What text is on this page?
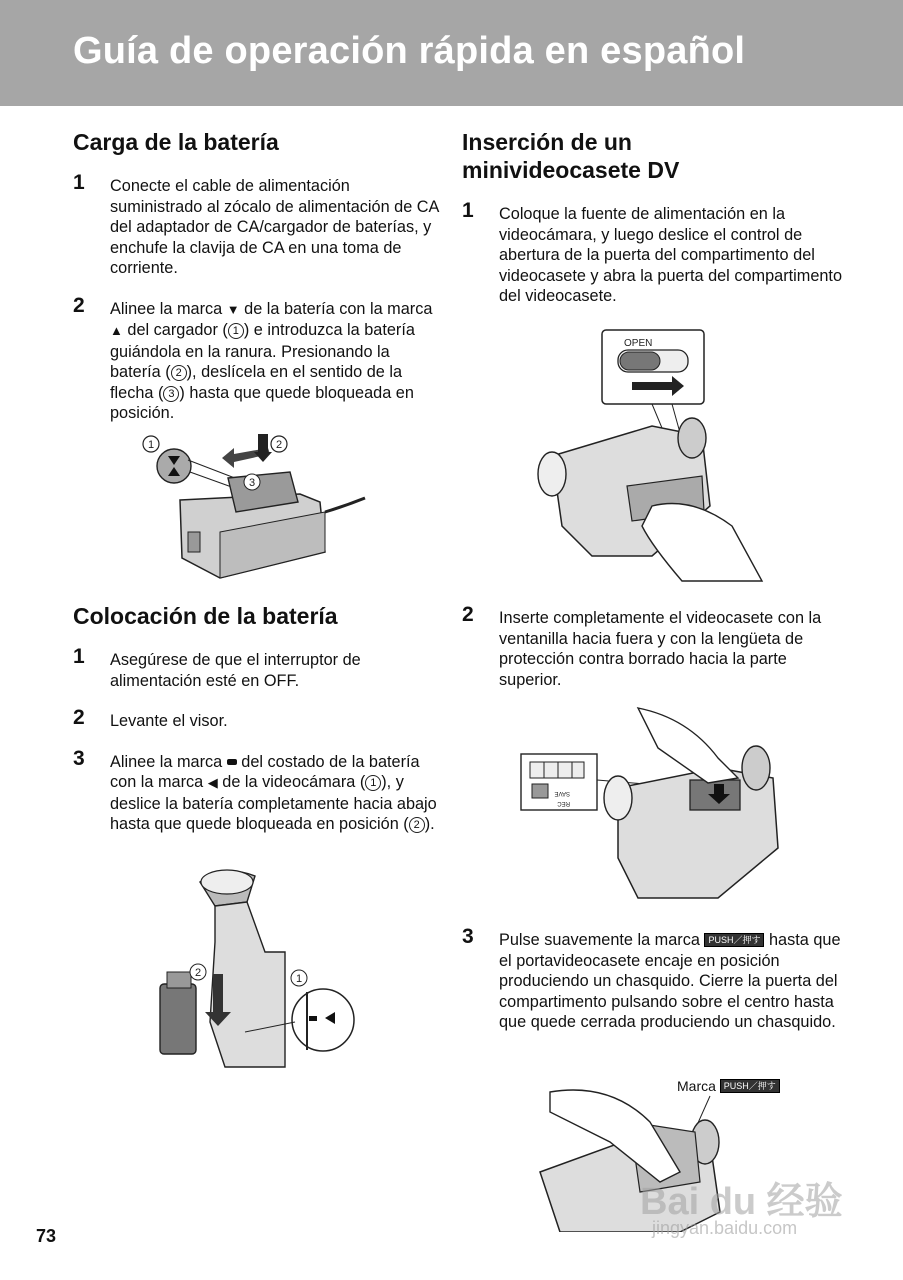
Guía de operación rápida en español
Carga de la batería
1 Conecte el cable de alimentación suministrado al zócalo de alimentación de CA del adaptador de CA/cargador de baterías, y enchufe la clavija de CA en una toma de corriente.
2 Alinee la marca ▼ de la batería con la marca ▲ del cargador ( 1 ) e introduzca la batería guiándola en la ranura. Presionando la batería ( 2 ), deslícela en el sentido de la flecha ( 3 ) hasta que quede bloqueada en posición.
1
3
2
Colocación de la batería
1 Asegúrese de que el interruptor de alimentación esté en OFF.
2 Levante el visor.
3 Alinee la marca  del costado de la batería con la marca ◀ de la videocámara ( 1 ), y deslice la batería completamente hacia abajo hasta que quede bloqueada en posición ( 2 ).
2	1
Inserción de un
minivideocasete DV
1 Coloque la fuente de alimentación en la videocámara, y luego deslice el control de abertura de la puerta del compartimento del videocasete y abra la puerta del compartimento del videocasete.
OPEN
2 Inserte completamente el videocasete con la ventanilla hacia fuera y con la lengüeta de protección contra borrado hacia la parte superior.
SAVE
REC
3 Pulse suavemente la marca PUSH／押す hasta que el portavideocasete encaje en posición produciendo un chasquido. Cierre la puerta del compartimento pulsando sobre el centro hasta que quede cerrada produciendo un chasquido.
Marca PUSH／押す
73
Bai du 经验
jingyan.baidu.com
